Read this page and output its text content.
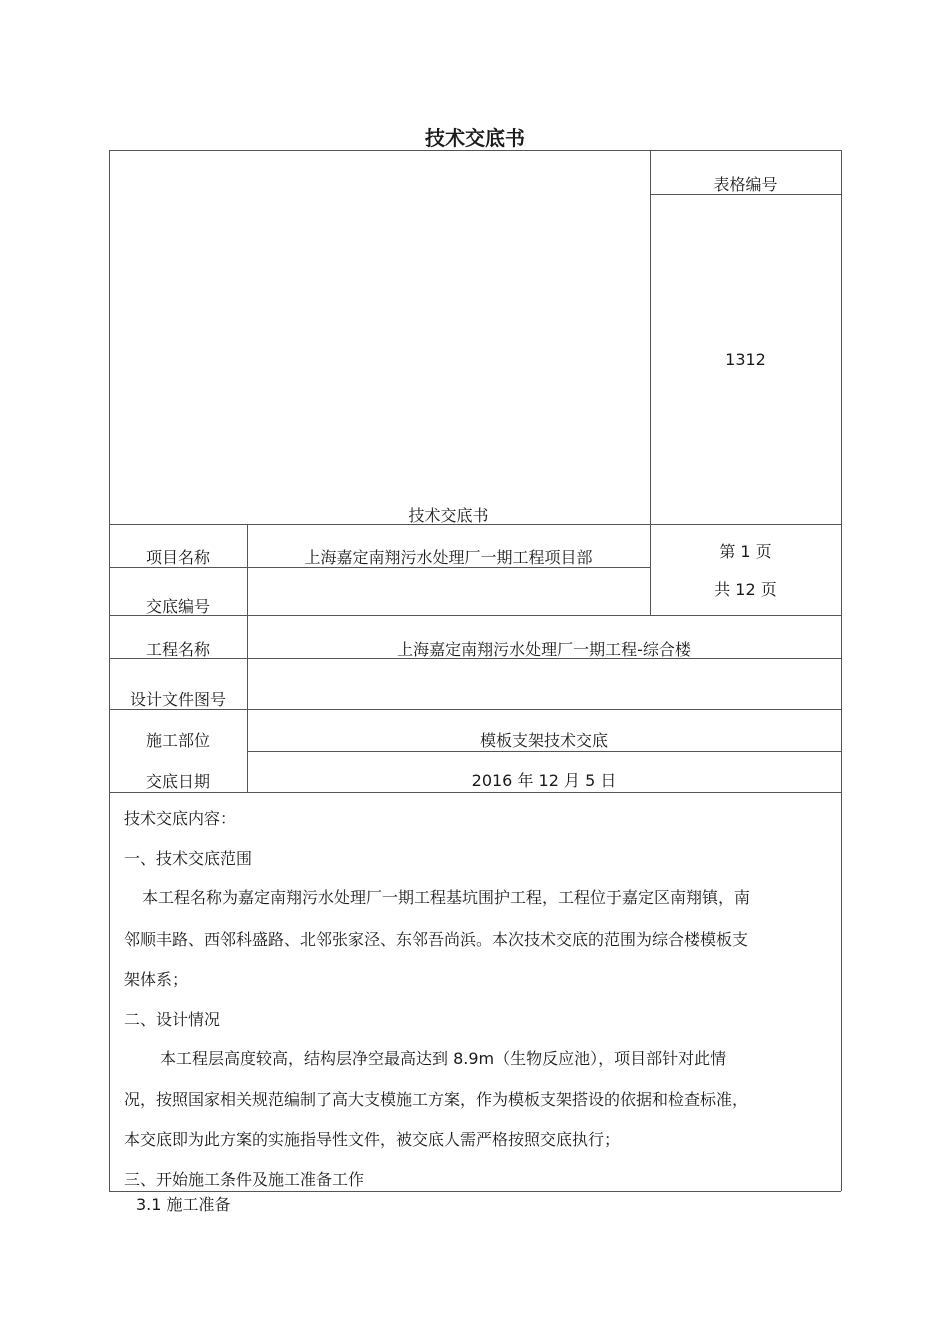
技术交底书
表格编号
1312
技术交底书
项目名称	上海嘉定南翔污水处理厂一期工程项目部	第 1 页
共 12 页
交底编号
工程名称	上海嘉定南翔污水处理厂一期工程-综合楼
设计文件图号
施工部位	模板支架技术交底
交底日期	2016 年 12 月 5 日
技术交底内容：
一、技术交底范围
本工程名称为嘉定南翔污水处理厂一期工程基坑围护工程，工程位于嘉定区南翔镇，南
邻顺丰路、西邻科盛路、北邻张家泾、东邻吾尚浜。本次技术交底的范围为综合楼模板支
架体系；
二、设计情况
本工程层高度较高，结构层净空最高达到 8.9m（生物反应池），项目部针对此情
况，按照国家相关规范编制了高大支模施工方案，作为模板支架搭设的依据和检查标准，
本交底即为此方案的实施指导性文件，被交底人需严格按照交底执行；
三、开始施工条件及施工准备工作
3.1 施工准备
